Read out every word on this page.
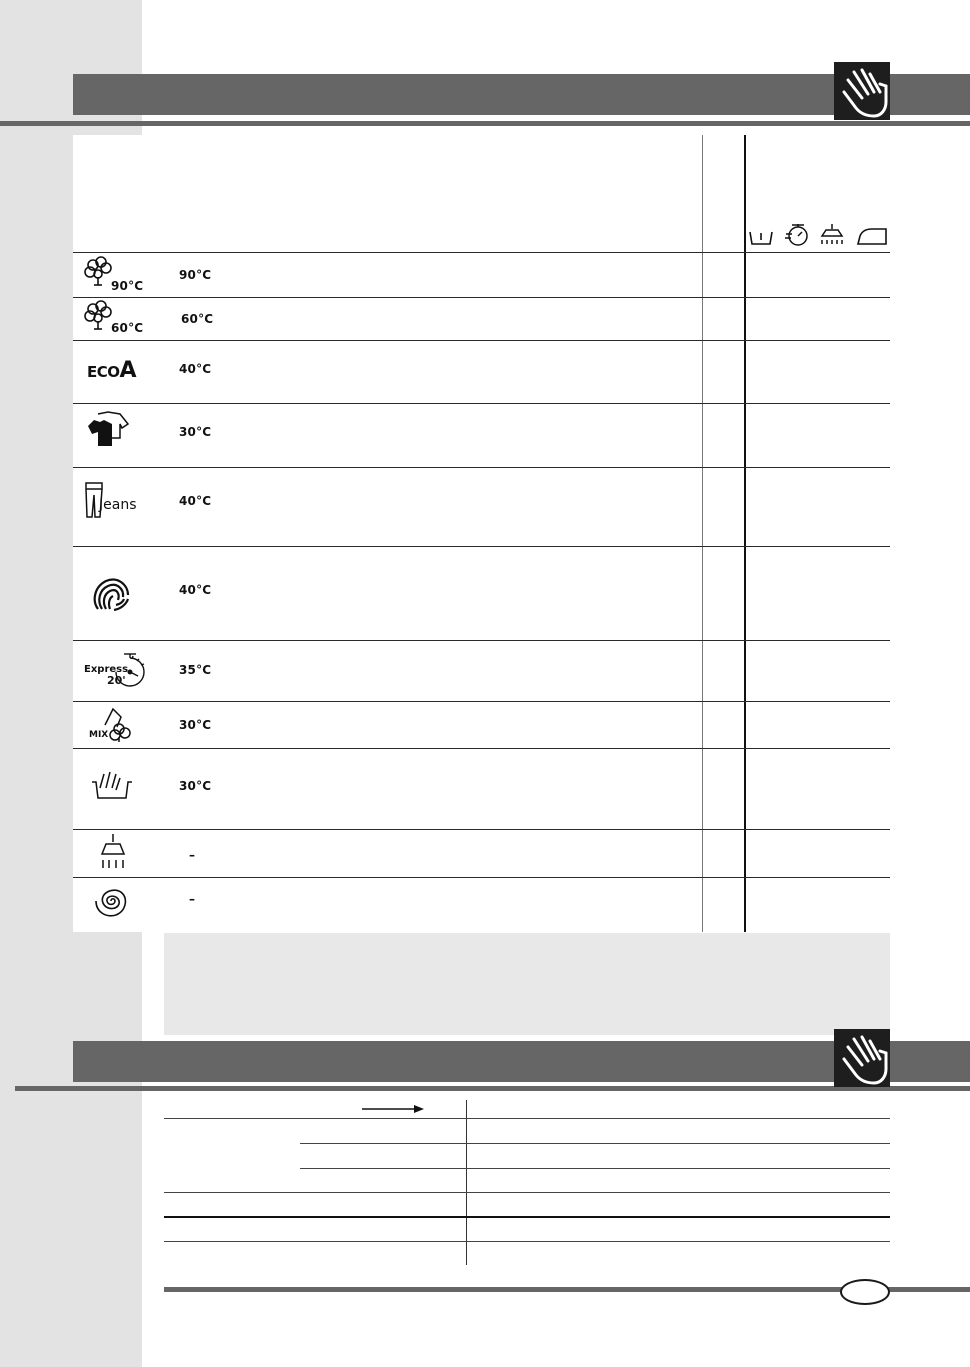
90°C
90°C
60°C
60°C
ECOA	40°C
30°C
Jeans	40°C
40°C
Express
20'
35°C
MIX
30°C
30°C
–
–
